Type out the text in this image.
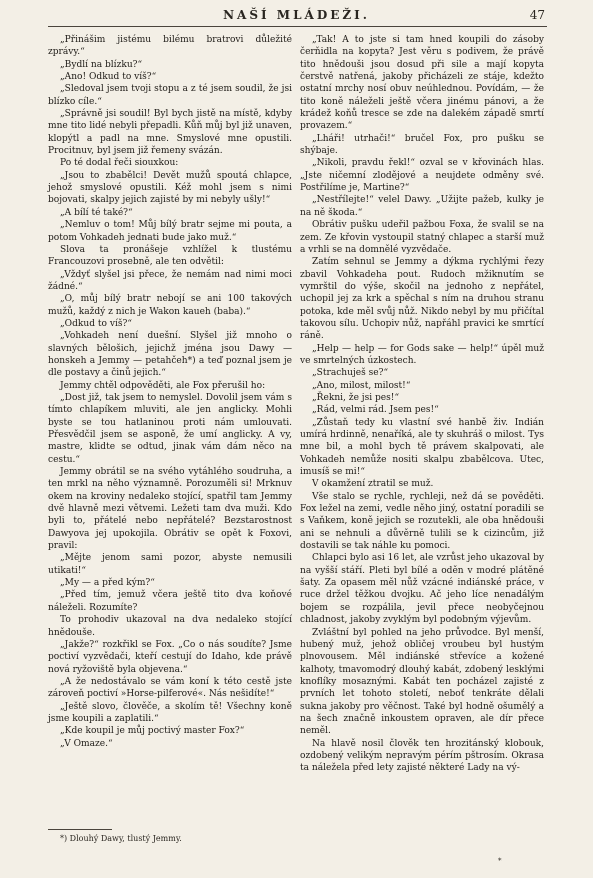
NAŠÍ MLÁDEŽI.	47

„Přinášim jistému bilému bratrovi důležité zprávy.“

„Bydlí na blízku?“

„Ano! Odkud to víš?“

„Sledoval jsem tvoji stopu a z té jsem soudil, že jsi blízko cíle.“

„Správně jsi soudil! Byl bych jistě na místě, kdyby mne tito lidé nebyli přepadli. Kůň můj byl již unaven, klopýtl a padl na mne. Smyslové mne opustili. Procitnuv, byl jsem již řemeny svázán.

Po té dodal řeči siouxkou:

„Jsou to zbabělci! Devět mužů spoutá chlapce, jehož smyslové opustili. Kéž mohl jsem s nimi bojovati, skalpy jejich zajisté by mi nebyly ušly!“

„A bílí té také?“

„Nemluv o tom! Můj bílý bratr sejme mi pouta, a potom Vohkadeh jednati bude jako muž.“

Slova ta pronášeje vzhlížel k tlustému Francouzovi prosebně, ale ten odvětil:

„Vždyť slyšel jsi přece, že nemám nad nimi moci žádné.“

„O, můj bílý bratr nebojí se ani 100 takových mužů, každý z nich je Wakon kaueh (baba).“

„Odkud to víš?“

„Vohkadeh není duešní. Slyšel již mnoho o slavných bělošich, jejichž jména jsou Dawy — honskeh a Jemmy — petahčeh*) a teď poznal jsem je dle postavy a činů jejich.“

Jemmy chtěl odpověděti, ale Fox přerušil ho:

„Dost již, tak jsem to nemyslel. Dovolil jsem vám s tímto chlapíkem mluviti, ale jen anglicky. Mohli byste se tou hatlaninou proti nám umlouvati. Přesvědčil jsem se asponě, že umí anglicky. A vy, mastre, klidte se odtud, jinak vám dám něco na cestu.“

Jemmy obrátil se na svého vytáhlého soudruha, a ten mrkl na něho významně. Porozuměli si! Mrknuv okem na kroviny nedaleko stojící, spatřil tam Jemmy dvě hlavně mezi větvemi. Ležeti tam dva muži. Kdo byli to, přátelé nebo nepřátelé? Bezstarostnost Dawyova jej upokojila. Obrátiv se opět k Foxovi, pravil:

„Mějte jenom sami pozor, abyste nemusili utikati!“

„My — a před kým?“

„Před tím, jemuž včera ještě tito dva koňové náleželi. Rozumíte?

To prohodiv ukazoval na dva nedaleko stojící hnědouše.

„Jakže?“ rozkřikl se Fox. „Co o nás soudíte? Jsme poctiví vyzvědači, kteří cestují do Idaho, kde právě nová ryžoviště byla objevena.“

„A že nedostávalo se vám koní k této cestě jste zároveň poctiví »Horse-pilferové«. Nás nešidíte!“

„Ještě slovo, člověče, a skolím tě! Všechny koně jsme koupili a zaplatili.“

„Kde koupil je můj poctivý master Fox?“

„V Omaze.“

„Tak! A to jste si tam hned koupili do zásoby čerňidla na kopyta? Jest věru s podivem, že právě tito hnědouši jsou dosud při sile a mají kopyta čerstvě natřená, jakoby přicházeli ze stáje, kdežto ostatní mrchy nosí obuv neúhlednou. Povídám, — že tito koně náleželi ještě včera jinému pánovi, a že krádež koňů tresce se zde na dalekém západě smrtí provazem.“

„Lháři! utrhači!“ bručel Fox, pro pušku se shýbaje.

„Nikoli, pravdu řekl!“ ozval se v křovinách hlas. „Jste ničemní zlodějové a neujdete odměny své. Postřilíme je, Martine?“

„Nestřílejte!“ velel Dawy. „Užijte pažeb, kulky je na ně škoda.“

Obrátiv pušku udeřil pažbou Foxa, že svalil se na zem. Ze křovin vystoupil statný chlapec a starší muž a vrhli se na domnělé vyzvědače.

Zatím sehnul se Jemmy a dýkma rychlými řezy zbavil Vohkadeha pout. Rudoch mžiknutím se vymrštil do výše, skočil na jednoho z nepřátel, uchopil jej za krk a spěchal s ním na druhou stranu potoka, kde měl svůj nůž. Nikdo nebyl by mu přičítal takovou sílu. Uchopiv nůž, napřáhl pravici ke smrtící ráně.

„Help — help — for Gods sake — help!“ úpěl muž ve smrtelných úzkostech.

„Strachuješ se?“

„Ano, milost, milost!“

„Řekni, že jsi pes!“

„Rád, velmi rád. Jsem pes!“

„Zůstaň tedy ku vlastní své hanbě živ. Indián umírá hrdinně, nenaříká, ale ty skuhráš o milost. Tys mne bil, a mohl bych tě právem skalpovati, ale Vohkadeh nemůže nositi skalpu zbabělcova. Utec, imusíš se mi!“

V okamžení ztratil se muž.

Vše stalo se rychle, rychleji, než dá se pověděti. Fox ležel na zemi, vedle něho jiný, ostatní poradili se s Vaňkem, koně jejich se rozutekli, ale oba hnědouši ani se nehnuli a důvěrně tulili se k cizincům, již dostavili se tak náhle ku pomoci.

Chlapci bylo asi 16 let, ale vzrůst jeho ukazoval by na vyšší stáří. Pleti byl bílé a oděn v modré plátěné šaty. Za opasem měl nůž vzácné indiánské práce, v ruce držel těžkou dvojku. Ač jeho líce nenadálým bojem se rozpálila, jevil přece neobyčejnou chladnost, jakoby zvyklým byl podobným výjevům.

Zvláštní byl pohled na jeho průvodce. Byl menší, hubený muž, jehož obličej vroubeu byl hustým plnovousem. Měl indiánské střevíce a kožené kalhoty, tmavomodrý dlouhý kabát, zdobený lesklými knoflíky mosaznými. Kabát ten pocházel zajisté z prvních let tohoto století, neboť tenkráte dělali sukna jakoby pro věčnost. Také byl hodně ošumělý a na šech značně inkoustem opraven, ale dír přece neměl.

Na hlavě nosil člověk ten hrozitánský klobouk, ozdobený velikým nepravým pérím pštrosím. Okrasa ta náležela před lety zajisté některé Lady na vý-

*) Dlouhý Dawy, tlustý Jemmy.
*
